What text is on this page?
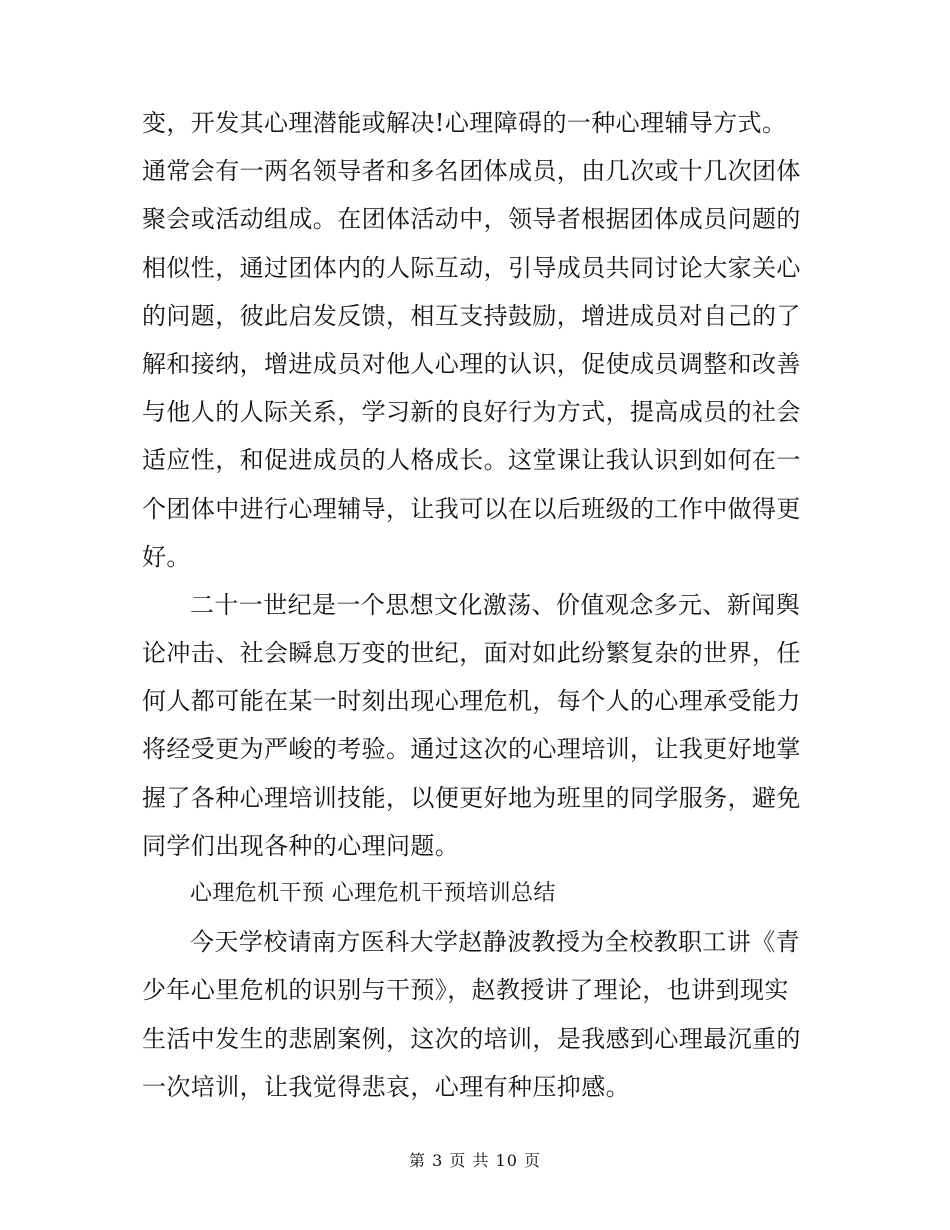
变，开发其心理潜能或解决!心理障碍的一种心理辅导方式。
通常会有一两名领导者和多名团体成员，由几次或十几次团体
聚会或活动组成。在团体活动中，领导者根据团体成员问题的
相似性，通过团体内的人际互动，引导成员共同讨论大家关心
的问题，彼此启发反馈，相互支持鼓励，增进成员对自己的了
解和接纳，增进成员对他人心理的认识，促使成员调整和改善
与他人的人际关系，学习新的良好行为方式，提高成员的社会
适应性，和促进成员的人格成长。这堂课让我认识到如何在一
个团体中进行心理辅导，让我可以在以后班级的工作中做得更
好。
二十一世纪是一个思想文化激荡、价值观念多元、新闻舆
论冲击、社会瞬息万变的世纪，面对如此纷繁复杂的世界，任
何人都可能在某一时刻出现心理危机，每个人的心理承受能力
将经受更为严峻的考验。通过这次的心理培训，让我更好地掌
握了各种心理培训技能，以便更好地为班里的同学服务，避免
同学们出现各种的心理问题。
心理危机干预 心理危机干预培训总结
今天学校请南方医科大学赵静波教授为全校教职工讲《青
少年心里危机的识别与干预》，赵教授讲了理论，也讲到现实
生活中发生的悲剧案例，这次的培训，是我感到心理最沉重的
一次培训，让我觉得悲哀，心理有种压抑感。
第 3 页 共 10 页
